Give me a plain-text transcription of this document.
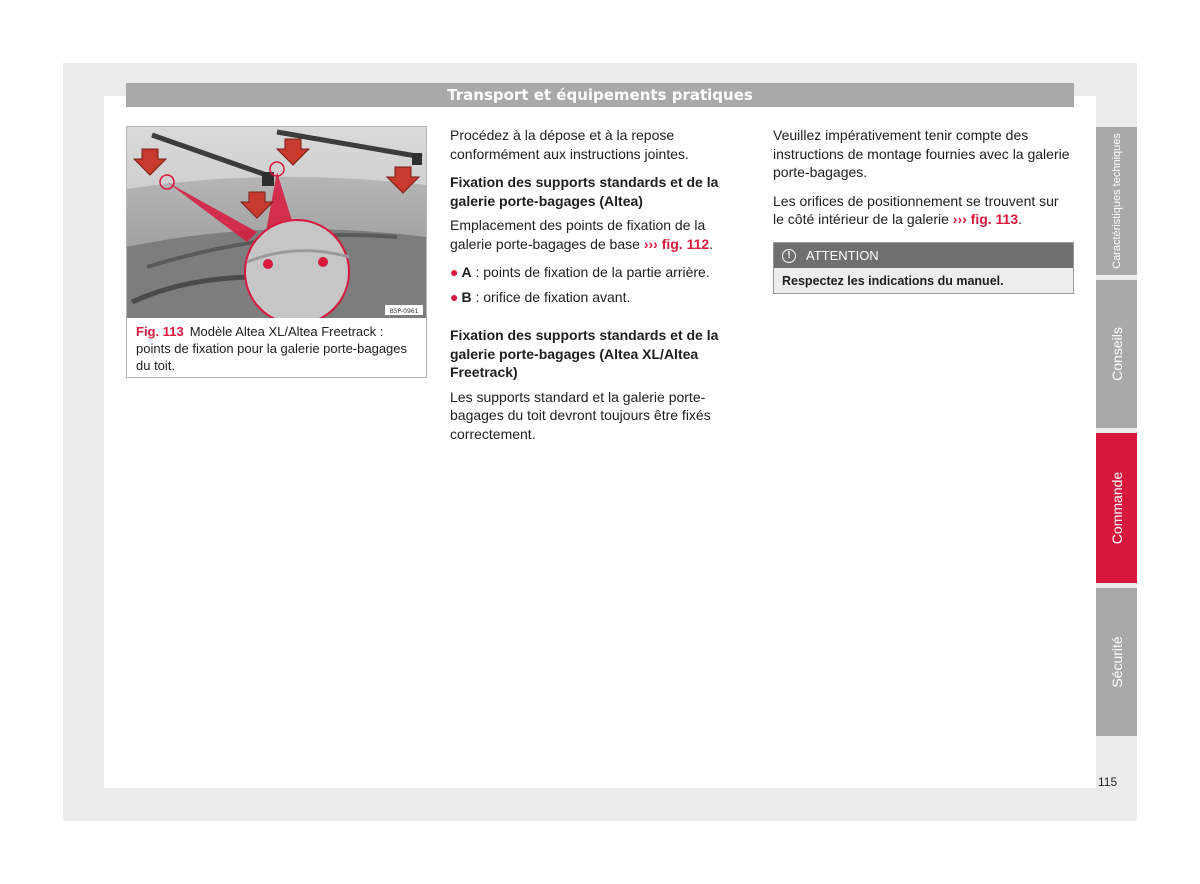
Transport et équipements pratiques
B5P-0961
Fig. 113 Modèle Altea XL/Altea Freetrack : points de fixation pour la galerie porte-bagages du toit.

Procédez à la dépose et à la repose conformément aux instructions jointes.

Fixation des supports standards et de la galerie porte-bagages (Altea)

Emplacement des points de fixation de la galerie porte-bagages de base ››› fig. 112.

● A : points de fixation de la partie arrière.
● B : orifice de fixation avant.
Fixation des supports standards et de la galerie porte-bagages (Altea XL/Altea Freetrack)

Les supports standard et la galerie porte-bagages du toit devront toujours être fixés correctement.

Veuillez impérativement tenir compte des instructions de montage fournies avec la galerie porte-bagages.

Les orifices de positionnement se trouvent sur le côté intérieur de la galerie ››› fig. 113.

!	ATTENTION
Respectez les indications du manuel.
Caractéristiques techniques
Conseils
Commande
Sécurité
115
